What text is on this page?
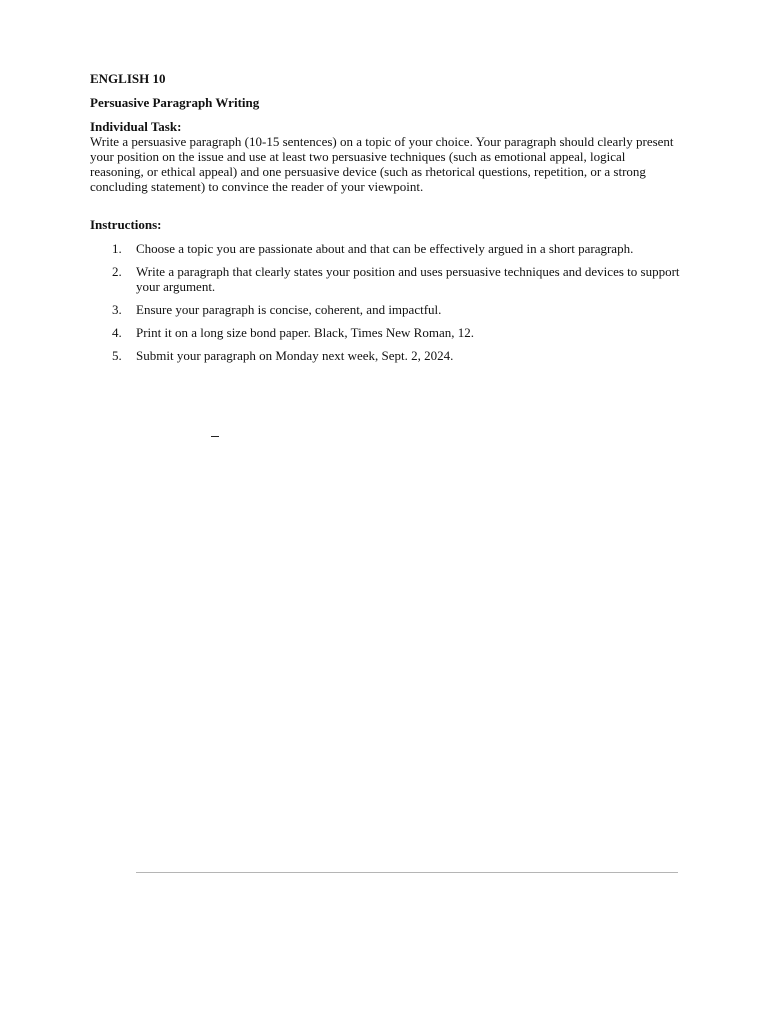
ENGLISH 10
Persuasive Paragraph Writing
Individual Task:
Write a persuasive paragraph (10-15 sentences) on a topic of your choice. Your paragraph should clearly present your position on the issue and use at least two persuasive techniques (such as emotional appeal, logical reasoning, or ethical appeal) and one persuasive device (such as rhetorical questions, repetition, or a strong concluding statement) to convince the reader of your viewpoint.
Instructions:
1. Choose a topic you are passionate about and that can be effectively argued in a short paragraph.
2. Write a paragraph that clearly states your position and uses persuasive techniques and devices to support your argument.
3. Ensure your paragraph is concise, coherent, and impactful.
4. Print it on a long size bond paper. Black, Times New Roman, 12.
5. Submit your paragraph on Monday next week, Sept. 2, 2024.
